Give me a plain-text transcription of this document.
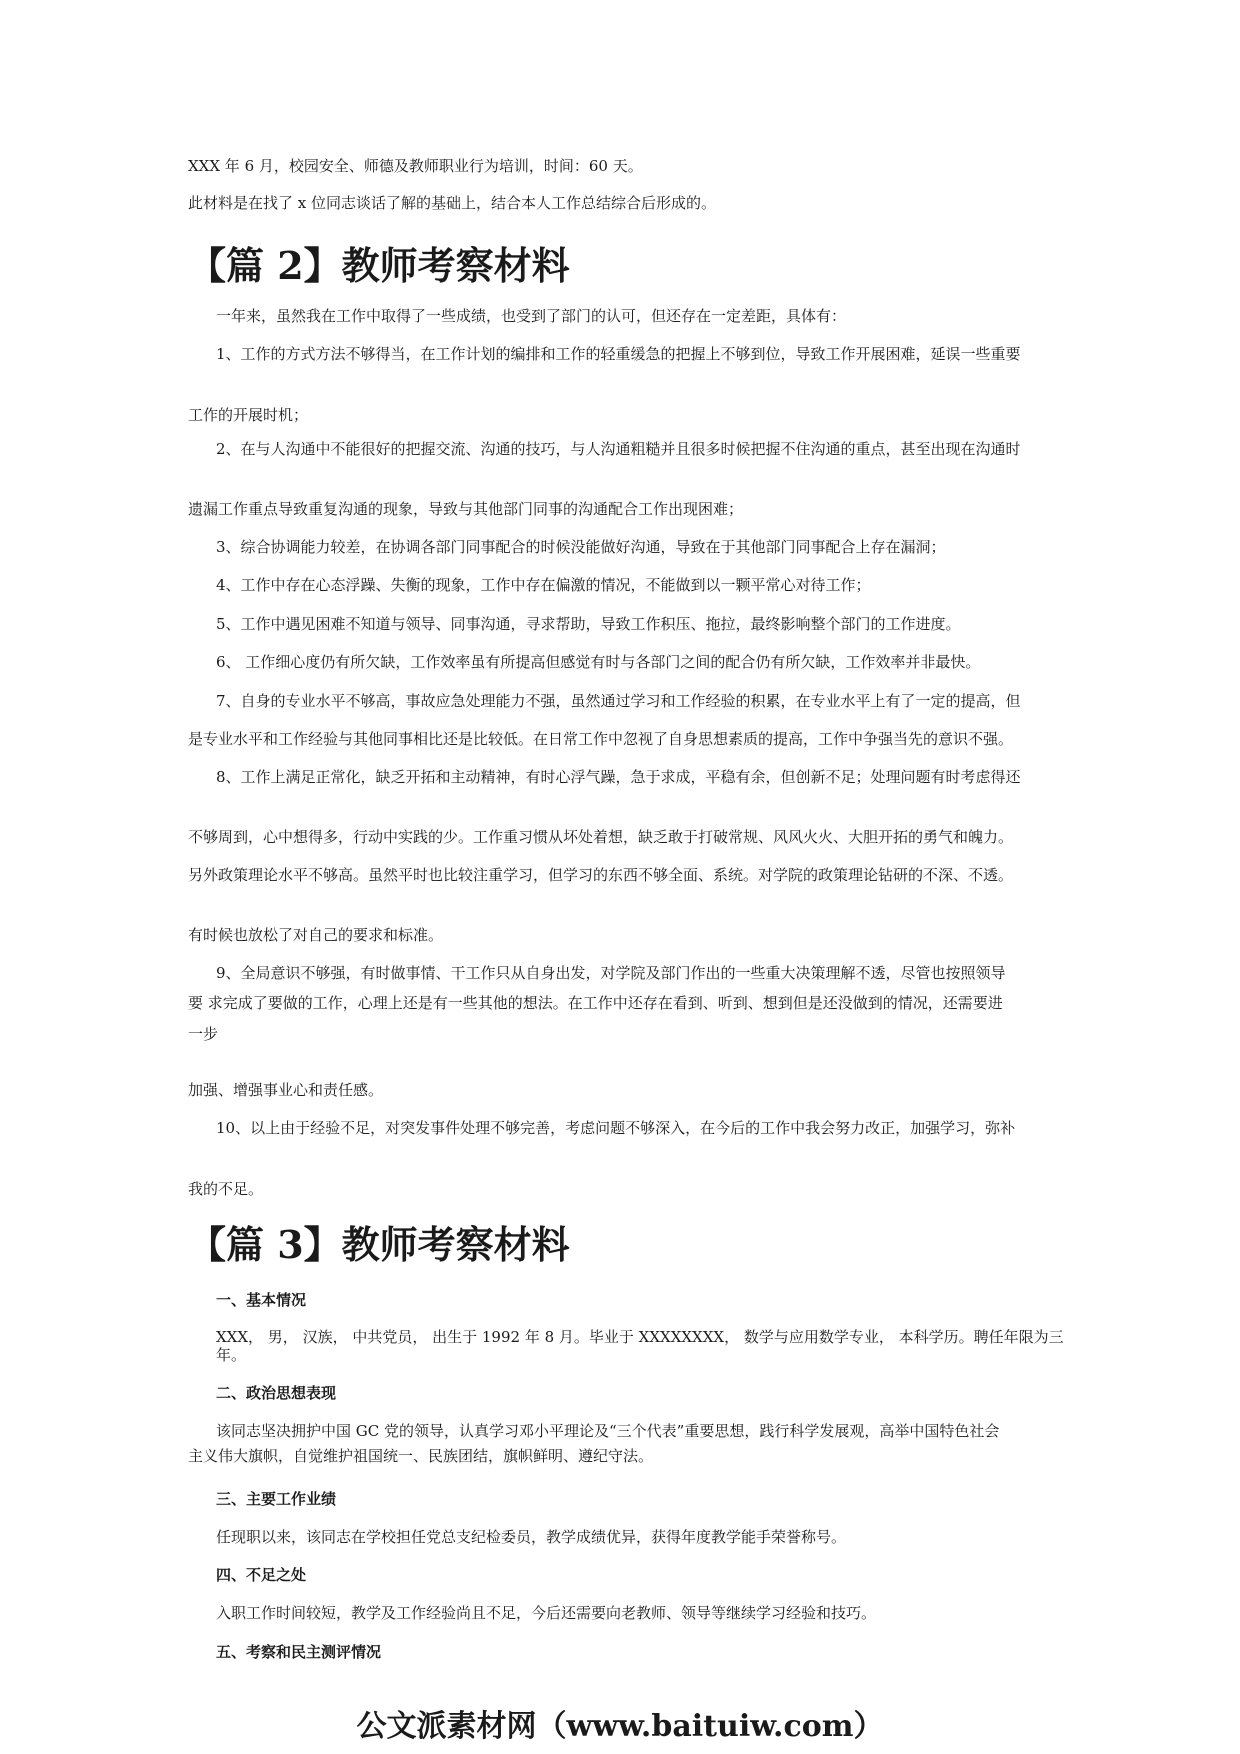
XXX 年 6 月，校园安全、师德及教师职业行为培训，时间：60 天。
此材料是在找了 x 位同志谈话了解的基础上，结合本人工作总结综合后形成的。
【篇 2】教师考察材料
一年来，虽然我在工作中取得了一些成绩，也受到了部门的认可，但还存在一定差距，具体有：
1、工作的方式方法不够得当，在工作计划的编排和工作的轻重缓急的把握上不够到位，导致工作开展困难，延误一些重要
工作的开展时机；
2、在与人沟通中不能很好的把握交流、沟通的技巧，与人沟通粗糙并且很多时候把握不住沟通的重点，甚至出现在沟通时
遗漏工作重点导致重复沟通的现象，导致与其他部门同事的沟通配合工作出现困难；
3、综合协调能力较差，在协调各部门同事配合的时候没能做好沟通，导致在于其他部门同事配合上存在漏洞；
4、工作中存在心态浮躁、失衡的现象，工作中存在偏激的情况，不能做到以一颗平常心对待工作；
5、工作中遇见困难不知道与领导、同事沟通，寻求帮助，导致工作积压、拖拉，最终影响整个部门的工作进度。
6、 工作细心度仍有所欠缺，工作效率虽有所提高但感觉有时与各部门之间的配合仍有所欠缺，工作效率并非最快。
7、自身的专业水平不够高，事故应急处理能力不强，虽然通过学习和工作经验的积累，在专业水平上有了一定的提高，但
是专业水平和工作经验与其他同事相比还是比较低。在日常工作中忽视了自身思想素质的提高，工作中争强当先的意识不强。
8、工作上满足正常化，缺乏开拓和主动精神，有时心浮气躁，急于求成，平稳有余，但创新不足；处理问题有时考虑得还
不够周到，心中想得多，行动中实践的少。工作重习惯从坏处着想，缺乏敢于打破常规、风风火火、大胆开拓的勇气和魄力。
另外政策理论水平不够高。虽然平时也比较注重学习，但学习的东西不够全面、系统。对学院的政策理论钻研的不深、不透。
有时候也放松了对自己的要求和标准。
9、全局意识不够强，有时做事情、干工作只从自身出发，对学院及部门作出的一些重大决策理解不透，尽管也按照领导
要 求完成了要做的工作，心理上还是有一些其他的想法。在工作中还存在看到、听到、想到但是还没做到的情况，还需要进
一步
加强、增强事业心和责任感。
10、以上由于经验不足，对突发事件处理不够完善，考虑问题不够深入，在今后的工作中我会努力改正，加强学习，弥补
我的不足。
【篇 3】教师考察材料
一、基本情况
XXX， 男， 汉族， 中共党员， 出生于 1992 年 8 月。毕业于 XXXXXXXX， 数学与应用数学专业， 本科学历。聘任年限为三
年。
二、政治思想表现
该同志坚决拥护中国 GC 党的领导，认真学习邓小平理论及“三个代表”重要思想，践行科学发展观，高举中国特色社会
主义伟大旗帜，自觉维护祖国统一、民族团结，旗帜鲜明、遵纪守法。
三、主要工作业绩
任现职以来，该同志在学校担任党总支纪检委员，教学成绩优异，获得年度教学能手荣誉称号。
四、不足之处
入职工作时间较短，教学及工作经验尚且不足，今后还需要向老教师、领导等继续学习经验和技巧。
五、考察和民主测评情况
公文派素材网（www.baituiw.com）
